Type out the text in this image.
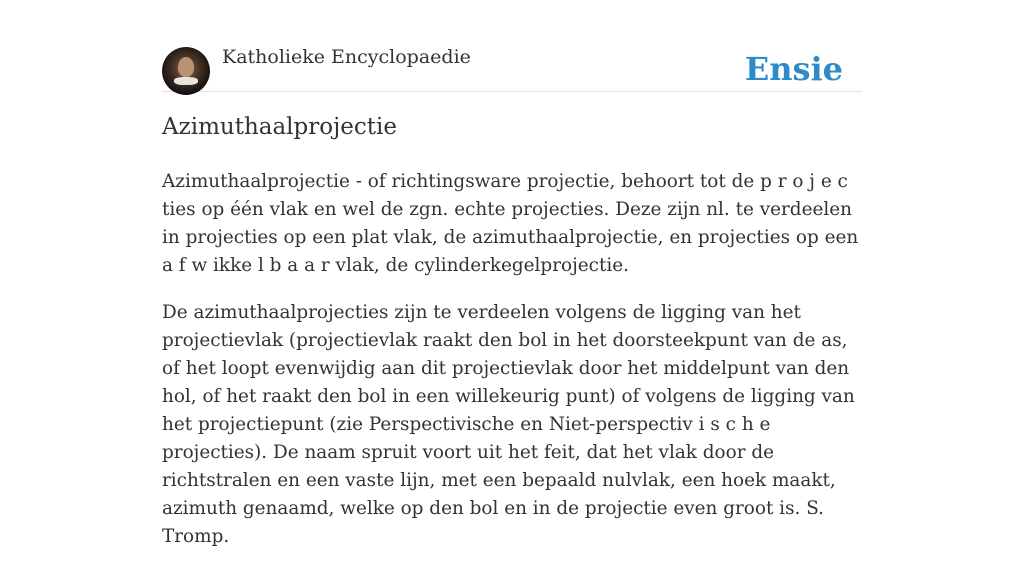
Katholieke Encyclopaedie	Ensie
Azimuthaalprojectie

Azimuthaalprojectie - of richtingsware projectie, behoort tot de p r o j e c ties op één vlak en wel de zgn. echte projecties. Deze zijn nl. te verdeelen in projecties op een plat vlak, de azimuthaalprojectie, en projecties op een a f w ikke l b a a r vlak, de cylinderkegelprojectie.

De azimuthaalprojecties zijn te verdeelen volgens de ligging van het projectievlak (projectievlak raakt den bol in het doorsteekpunt van de as, of het loopt evenwijdig aan dit projectievlak door het middelpunt van den hol, of het raakt den bol in een willekeurig punt) of volgens de ligging van het projectiepunt (zie Perspectivische en Niet-perspectiv i s c h e projecties). De naam spruit voort uit het feit, dat het vlak door de richtstralen en een vaste lijn, met een bepaald nulvlak, een hoek maakt, azimuth genaamd, welke op den bol en in de projectie even groot is. S. Tromp.
